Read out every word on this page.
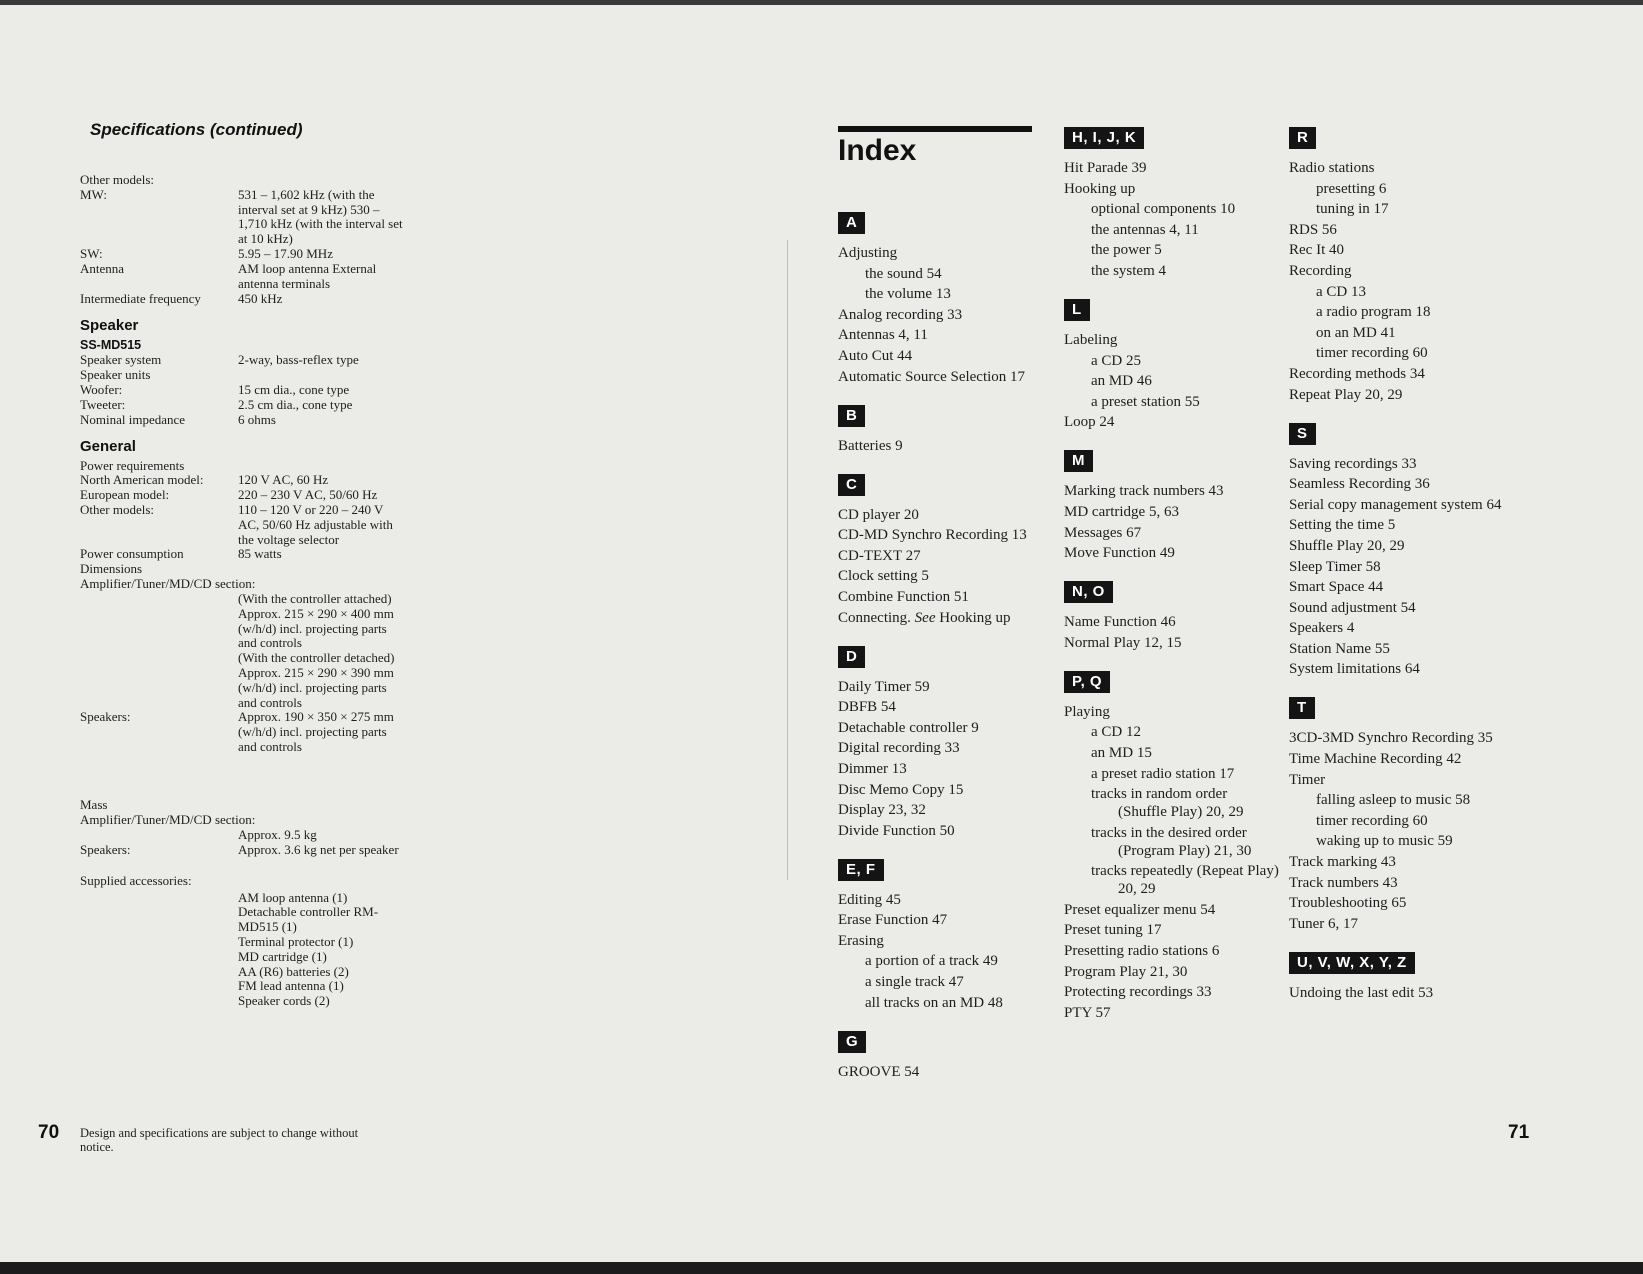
Specifications (continued)
Other models:
MW:	531 – 1,602 kHz (with the interval set at 9 kHz) 530 – 1,710 kHz (with the interval set at 10 kHz)
SW:	5.95 – 17.90 MHz
Antenna	AM loop antenna External antenna terminals
Intermediate frequency	450 kHz
Speaker
SS-MD515
Speaker system	2-way, bass-reflex type
Speaker units
Woofer:	15 cm dia., cone type
Tweeter:	2.5 cm dia., cone type
Nominal impedance	6 ohms
General
Power requirements
North American model:	120 V AC, 60 Hz
European model:	220 – 230 V AC, 50/60 Hz
Other models:	110 – 120 V or 220 – 240 V AC, 50/60 Hz adjustable with the voltage selector
Power consumption	85 watts
Dimensions
Amplifier/Tuner/MD/CD section:
(With the controller attached) Approx. 215 × 290 × 400 mm (w/h/d) incl. projecting parts and controls
(With the controller detached) Approx. 215 × 290 × 390 mm (w/h/d) incl. projecting parts and controls
Speakers:	Approx. 190 × 350 × 275 mm (w/h/d) incl. projecting parts and controls
Mass
Amplifier/Tuner/MD/CD section:
Approx. 9.5 kg
Speakers:	Approx. 3.6 kg net per speaker
Supplied accessories:
AM loop antenna (1)
Detachable controller RM-MD515 (1)
Terminal protector (1)
MD cartridge (1)
AA (R6) batteries (2)
FM lead antenna (1)
Speaker cords (2)
70 Design and specifications are subject to change without notice.
Index
A
Adjusting
the sound 54
the volume 13
Analog recording 33
Antennas 4, 11
Auto Cut 44
Automatic Source Selection 17
B
Batteries 9
C
CD player 20
CD-MD Synchro Recording 13
CD-TEXT 27
Clock setting 5
Combine Function 51
Connecting. See Hooking up
D
Daily Timer 59
DBFB 54
Detachable controller 9
Digital recording 33
Dimmer 13
Disc Memo Copy 15
Display 23, 32
Divide Function 50
E, F
Editing 45
Erase Function 47
Erasing
a portion of a track 49
a single track 47
all tracks on an MD 48
G
GROOVE 54
H, I, J, K
Hit Parade 39
Hooking up
optional components 10
the antennas 4, 11
the power 5
the system 4
L
Labeling
a CD 25
an MD 46
a preset station 55
Loop 24
M
Marking track numbers 43
MD cartridge 5, 63
Messages 67
Move Function 49
N, O
Name Function 46
Normal Play 12, 15
P, Q
Playing
a CD 12
an MD 15
a preset radio station 17
tracks in random order (Shuffle Play) 20, 29
tracks in the desired order (Program Play) 21, 30
tracks repeatedly (Repeat Play) 20, 29
Preset equalizer menu 54
Preset tuning 17
Presetting radio stations 6
Program Play 21, 30
Protecting recordings 33
PTY 57
R
Radio stations
presetting 6
tuning in 17
RDS 56
Rec It 40
Recording
a CD 13
a radio program 18
on an MD 41
timer recording 60
Recording methods 34
Repeat Play 20, 29
S
Saving recordings 33
Seamless Recording 36
Serial copy management system 64
Setting the time 5
Shuffle Play 20, 29
Sleep Timer 58
Smart Space 44
Sound adjustment 54
Speakers 4
Station Name 55
System limitations 64
T
3CD-3MD Synchro Recording 35
Time Machine Recording 42
Timer
falling asleep to music 58
timer recording 60
waking up to music 59
Track marking 43
Track numbers 43
Troubleshooting 65
Tuner 6, 17
U, V, W, X, Y, Z
Undoing the last edit 53
71
